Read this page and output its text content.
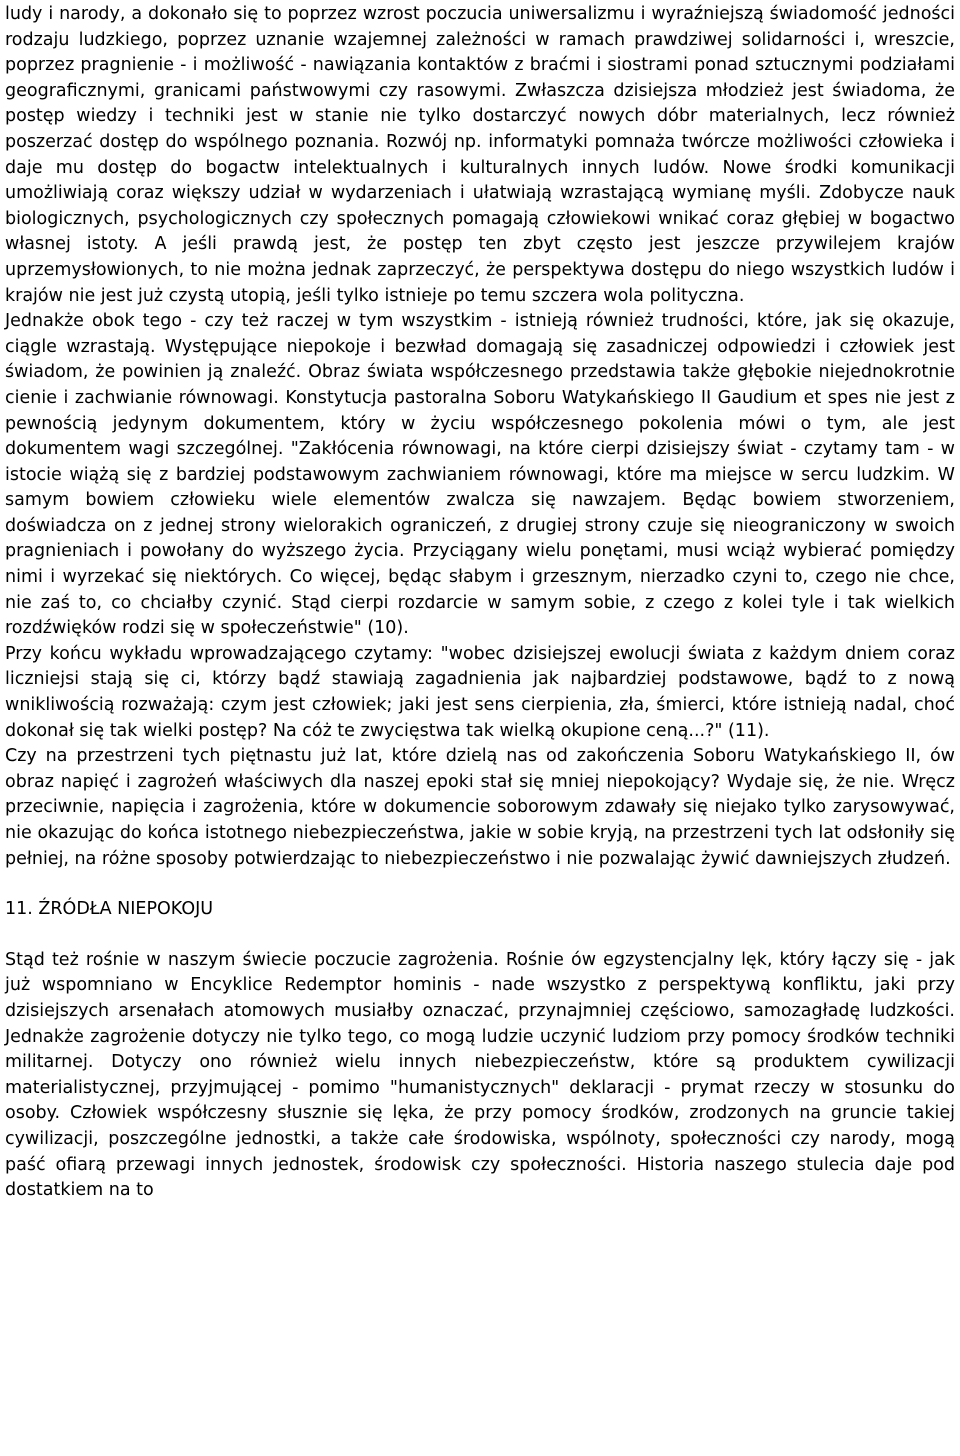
ludy i narody, a dokonało się to poprzez wzrost poczucia uniwersalizmu i wyraźniejszą świadomość jedności rodzaju ludzkiego, poprzez uznanie wzajemnej zależności w ramach prawdziwej solidarności i, wreszcie, poprzez pragnienie - i możliwość - nawiązania kontaktów z braćmi i siostrami ponad sztucznymi podziałami geograficznymi, granicami państwowymi czy rasowymi. Zwłaszcza dzisiejsza młodzież jest świadoma, że postęp wiedzy i techniki jest w stanie nie tylko dostarczyć nowych dóbr materialnych, lecz również poszerzać dostęp do wspólnego poznania. Rozwój np. informatyki pomnaża twórcze możliwości człowieka i daje mu dostęp do bogactw intelektualnych i kulturalnych innych ludów. Nowe środki komunikacji umożliwiają coraz większy udział w wydarzeniach i ułatwiają wzrastającą wymianę myśli. Zdobycze nauk biologicznych, psychologicznych czy społecznych pomagają człowiekowi wnikać coraz głębiej w bogactwo własnej istoty. A jeśli prawdą jest, że postęp ten zbyt często jest jeszcze przywilejem krajów uprzemysłowionych, to nie można jednak zaprzeczyć, że perspektywa dostępu do niego wszystkich ludów i krajów nie jest już czystą utopią, jeśli tylko istnieje po temu szczera wola polityczna.Jednakże obok tego - czy też raczej w tym wszystkim - istnieją również trudności, które, jak się okazuje, ciągle wzrastają. Występujące niepokoje i bezwład domagają się zasadniczej odpowiedzi i człowiek jest świadom, że powinien ją znaleźć. Obraz świata współczesnego przedstawia także głębokie niejednokrotnie cienie i zachwianie równowagi. Konstytucja pastoralna Soboru Watykańskiego II Gaudium et spes nie jest z pewnością jedynym dokumentem, który w życiu współczesnego pokolenia mówi o tym, ale jest dokumentem wagi szczególnej. "Zakłócenia równowagi, na które cierpi dzisiejszy świat - czytamy tam - w istocie wiążą się z bardziej podstawowym zachwianiem równowagi, które ma miejsce w sercu ludzkim. W samym bowiem człowieku wiele elementów zwalcza się nawzajem. Będąc bowiem stworzeniem, doświadcza on z jednej strony wielorakich ograniczeń, z drugiej strony czuje się nieograniczony w swoich pragnieniach i powołany do wyższego życia. Przyciągany wielu ponętami, musi wciąż wybierać pomiędzy nimi i wyrzekać się niektórych. Co więcej, będąc słabym i grzesznym, nierzadko czyni to, czego nie chce, nie zaś to, co chciałby czynić. Stąd cierpi rozdarcie w samym sobie, z czego z kolei tyle i tak wielkich rozdźwięków rodzi się w społeczeństwie" (10).Przy końcu wykładu wprowadzającego czytamy: "wobec dzisiejszej ewolucji świata z każdym dniem coraz liczniejsi stają się ci, którzy bądź stawiają zagadnienia jak najbardziej podstawowe, bądź to z nową wnikliwością rozważają: czym jest człowiek; jaki jest sens cierpienia, zła, śmierci, które istnieją nadal, choć dokonał się tak wielki postęp? Na cóż te zwycięstwa tak wielką okupione ceną...?" (11).Czy na przestrzeni tych piętnastu już lat, które dzielą nas od zakończenia Soboru Watykańskiego II, ów obraz napięć i zagrożeń właściwych dla naszej epoki stał się mniej niepokojący? Wydaje się, że nie. Wręcz przeciwnie, napięcia i zagrożenia, które w dokumencie soborowym zdawały się niejako tylko zarysowywać, nie okazując do końca istotnego niebezpieczeństwa, jakie w sobie kryją, na przestrzeni tych lat odsłoniły się pełniej, na różne sposoby potwierdzając to niebezpieczeństwo i nie pozwalając żywić dawniejszych złudzeń.
11. ŹRÓDŁA NIEPOKOJU

Stąd też rośnie w naszym świecie poczucie zagrożenia. Rośnie ów egzystencjalny lęk, który łączy się - jak już wspomniano w Encyklice Redemptor hominis - nade wszystko z perspektywą konfliktu, jaki przy dzisiejszych arsenałach atomowych musiałby oznaczać, przynajmniej częściowo, samozagładę ludzkości. Jednakże zagrożenie dotyczy nie tylko tego, co mogą ludzie uczynić ludziom przy pomocy środków techniki militarnej. Dotyczy ono również wielu innych niebezpieczeństw, które są produktem cywilizacji materialistycznej, przyjmującej - pomimo "humanistycznych" deklaracji - prymat rzeczy w stosunku do osoby. Człowiek współczesny słusznie się lęka, że przy pomocy środków, zrodzonych na gruncie takiej cywilizacji, poszczególne jednostki, a także całe środowiska, wspólnoty, społeczności czy narody, mogą paść ofiarą przewagi innych jednostek, środowisk czy społeczności. Historia naszego stulecia daje pod dostatkiem na to
